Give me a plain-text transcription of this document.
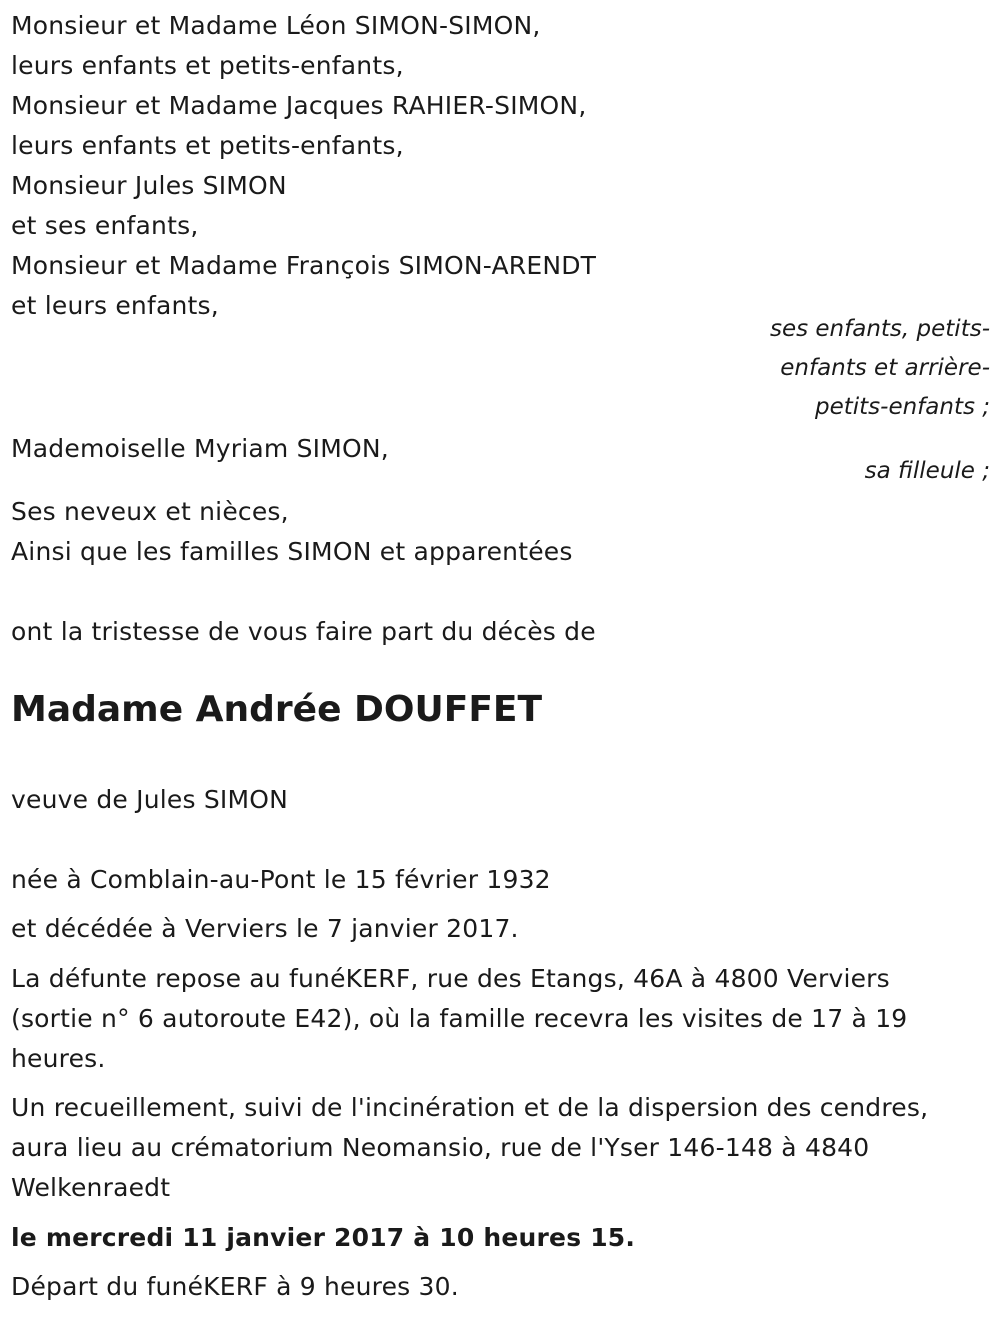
Monsieur et Madame Léon SIMON-SIMON,
leurs enfants et petits-enfants,
Monsieur et Madame Jacques RAHIER-SIMON,
leurs enfants et petits-enfants,
Monsieur Jules SIMON
et ses enfants,
Monsieur et Madame François SIMON-ARENDT
et leurs enfants,
ses enfants, petits-
enfants et arrière-
petits-enfants ;
Mademoiselle Myriam SIMON,
sa filleule ;
Ses neveux et nièces,
Ainsi que les familles SIMON et apparentées
ont la tristesse de vous faire part du décès de
Madame Andrée DOUFFET
veuve de Jules SIMON
née à Comblain-au-Pont le 15 février 1932
et décédée à Verviers le 7 janvier 2017.
La défunte repose au funéKERF, rue des Etangs, 46A à 4800 Verviers
(sortie n° 6 autoroute E42), où la famille recevra les visites de 17 à 19
heures.
Un recueillement, suivi de l'incinération et de la dispersion des cendres,
aura lieu au crématorium Neomansio, rue de l'Yser 146-148 à 4840
Welkenraedt
le mercredi 11 janvier 2017 à 10 heures 15.
Départ du funéKERF à 9 heures 30.
